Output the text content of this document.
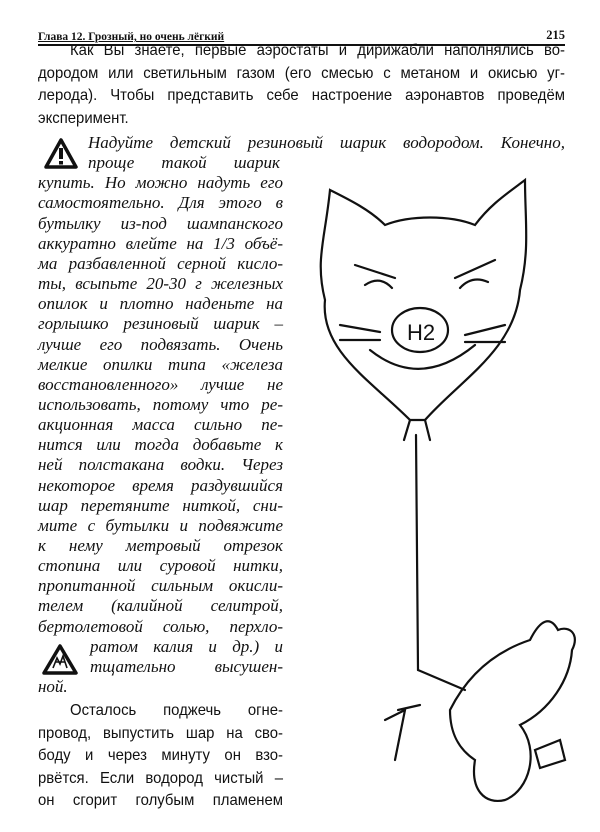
Глава 12. Грозный, но очень лёгкий	215
Как Вы знаете, первые аэростаты и дирижабли наполнялись во-
дородом или светильным газом (его смесью с метаном и окисью уг-
лерода). Чтобы представить себе настроение аэронавтов проведём
эксперимент.
Надуйте детский резиновый шарик водородом. Конечно,
проще такой шарик
купить. Но можно надуть его
самостоятельно. Для этого в
бутылку из-под шампанского
аккуратно влейте на 1/3 объё-
ма разбавленной серной кисло-
ты, всыпьте 20-30 г железных
опилок и плотно наденьте на
горлышко резиновый шарик –
лучше его подвязать. Очень
мелкие опилки типа «железа
восстановленного» лучше не
использовать, потому что ре-
акционная масса сильно пе-
нится или тогда добавьте к
ней полстакана водки. Через
некоторое время раздувшийся
шар перетяните ниткой, сни-
мите с бутылки и подвяжите
к нему метровый отрезок
стопина или суровой нитки,
пропитанной сильным окисли-
телем (калийной селитрой,
бертолетовой солью, перхло-
ратом калия и др.) и
тщательно высушен-
ной.
Осталось поджечь огне-
провод, выпустить шар на сво-
боду и через минуту он взо-
рвётся. Если водород чистый –
он сгорит голубым пламенем
H2
